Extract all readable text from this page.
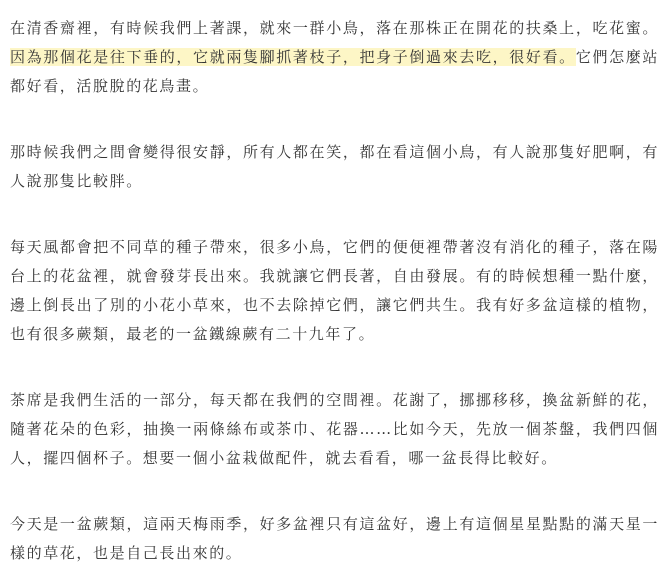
在清香齋裡，有時候我們上著課，就來一群小鳥，落在那株正在開花的扶桑上，吃花蜜。因為那個花是往下垂的，它就兩隻腳抓著枝子，把身子倒過來去吃，很好看。它們怎麼站都好看，活脫脫的花鳥畫。

那時候我們之間會變得很安靜，所有人都在笑，都在看這個小鳥，有人說那隻好肥啊，有人說那隻比較胖。

每天風都會把不同草的種子帶來，很多小鳥，它們的便便裡帶著沒有消化的種子，落在陽台上的花盆裡，就會發芽長出來。我就讓它們長著，自由發展。有的時候想種一點什麼，邊上倒長出了別的小花小草來，也不去除掉它們，讓它們共生。我有好多盆這樣的植物，也有很多蕨類，最老的一盆鐵線蕨有二十九年了。

茶席是我們生活的一部分，每天都在我們的空間裡。花謝了，挪挪移移，換盆新鮮的花，隨著花朵的色彩，抽換一兩條絲布或茶巾、花器……比如今天，先放一個茶盤，我們四個人，擺四個杯子。想要一個小盆栽做配件，就去看看，哪一盆長得比較好。

今天是一盆蕨類，這兩天梅雨季，好多盆裡只有這盆好，邊上有這個星星點點的滿天星一樣的草花，也是自己長出來的。
